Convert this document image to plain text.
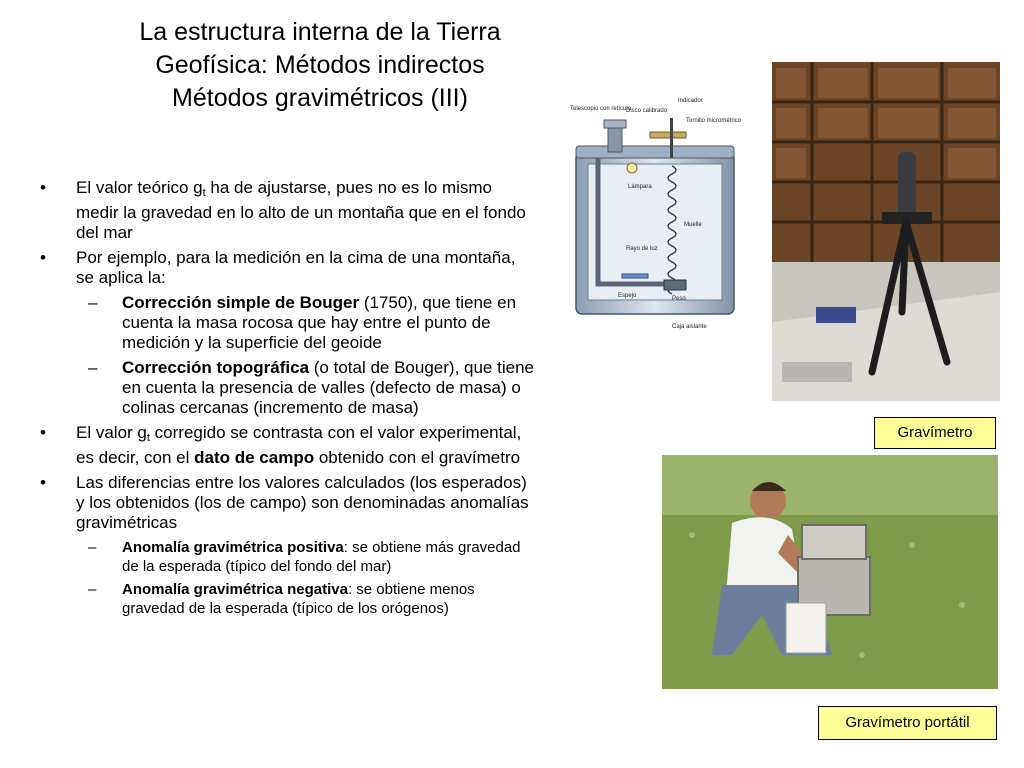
La estructura interna de la Tierra
Geofísica: Métodos indirectos
Métodos gravimétricos (III)
• El valor teórico $g_t$ ha de ajustarse, pues no es lo mismo medir la gravedad en lo alto de un montaña que en el fondo del mar
• Por ejemplo, para la medición en la cima de una montaña, se aplica la:
– Corrección simple de Bouger (1750), que tiene en cuenta la masa rocosa que hay entre el punto de medición y la superficie del geoide
– Corrección topográfica (o total de Bouger), que tiene en cuenta la presencia de valles (defecto de masa) o colinas cercanas (incremento de masa)
• El valor $g_t$ corregido se contrasta con el valor experimental, es decir, con el dato de campo obtenido con el gravímetro
• Las diferencias entre los valores calculados (los esperados) y los obtenidos (los de campo) son denominadas anomalías gravimétricas
– Anomalía gravimétrica positiva: se obtiene más gravedad de la esperada (típico del fondo del mar)
– Anomalía gravimétrica negativa: se obtiene menos gravedad de la esperada (típico de los orógenos)
Telescopio con retículo
Disco calibrado
Indicador
Tornillo micrométrico
Lámpara
Muelle
Rayo de luz
Espejo	Peso
Caja aislante
Gravímetro
Gravímetro portátil
